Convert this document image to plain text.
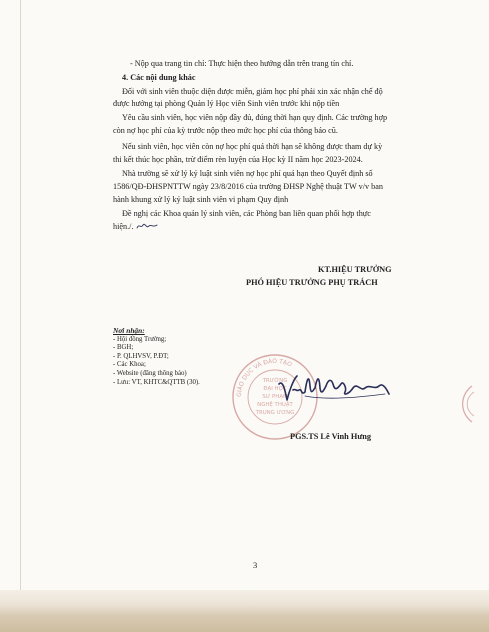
- Nộp qua trang tin chỉ: Thực hiện theo hướng dẫn trên trang tín chỉ.
4. Các nội dung khác
Đối với sinh viên thuộc diện được miễn, giảm học phí phải xin xác nhận chế độ
được hưởng tại phòng Quản lý Học viên Sinh viên trước khi nộp tiền
Yêu cầu sinh viên, học viên nộp đầy đủ, đúng thời hạn quy định. Các trường hợp
còn nợ học phí của kỳ trước nộp theo mức học phí của thông báo cũ.
Nếu sinh viên, học viên còn nợ học phí quá thời hạn sẽ không được tham dự kỳ
thi kết thúc học phần, trừ điểm rèn luyện của Học kỳ II năm học 2023-2024.
Nhà trường sẽ xử lý kỷ luật sinh viên nợ học phí quá hạn theo Quyết định số
1586/QĐ-ĐHSPNTTW ngày 23/8/2016 của trường ĐHSP Nghệ thuật TW v/v ban
hành khung xử lý kỷ luật sinh viên vi phạm Quy định
Đề nghị các Khoa quản lý sinh viên, các Phòng ban liên quan phối hợp thực
hiện./.
Nơi nhận:
- Hội đồng Trường;
- BGH;
- P. QLHVSV, P.ĐT;
- Các Khoa;
- Website (đăng thông báo)
- Lưu: VT, KHTC&QTTB (30).
KT.HIỆU TRƯỞNG
PHÓ HIỆU TRƯỞNG PHỤ TRÁCH
GIÁO DỤC VÀ ĐÀO TẠO
TRƯỜNG
ĐẠI HỌC
SƯ PHẠM
NGHỆ THUẬT
TRUNG ƯƠNG
PGS.TS Lê Vinh Hưng
3
